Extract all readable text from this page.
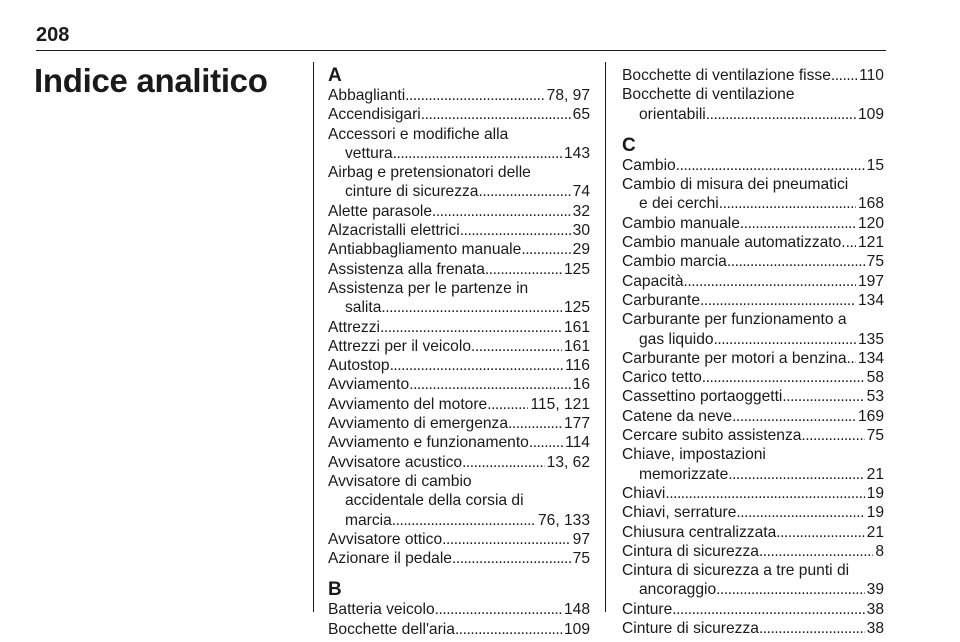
208
Indice analitico	A
Abbaglianti . . .	78, 97
Accendisigari . . .	65
Accessori e modifiche alla
vettura . . .	143
Airbag e pretensionatori delle
cinture di sicurezza . . .	74
Alette parasole . . .	32
Alzacristalli elettrici . . .	30
Antiabbagliamento manuale . . .	29
Assistenza alla frenata . . .	125
Assistenza per le partenze in
salita . . .	125
Attrezzi . . .	161
Attrezzi per il veicolo . . .	161
Autostop . . .	116
Avviamento . . .	16
Avviamento del motore . . .	115, 121
Avviamento di emergenza . . .	177
Avviamento e funzionamento . . . 114
Avvisatore acustico . . .	13, 62
Avvisatore di cambio
accidentale della corsia di
marcia . . .	76, 133
Avvisatore ottico . . .	97
Azionare il pedale . . .	75
B
Batteria veicolo . . .	148
Bocchette dell'aria . . .	109
Bocchette di ventilazione fisse . . . 110
Bocchette di ventilazione
orientabili . . .	109
C
Cambio . . .	15
Cambio di misura dei pneumatici
e dei cerchi . . .	168
Cambio manuale . . .	120
Cambio manuale automatizzato. . . . 121
Cambio marcia . . .	75
Capacità . . .	197
Carburante . . .	134
Carburante per funzionamento a
gas liquido . . .	135
Carburante per motori a benzina . . . 134
Carico tetto . . .	58
Cassettino portaoggetti . . .	53
Catene da neve . . .	169
Cercare subito assistenza . . .	75
Chiave, impostazioni
memorizzate . . .	21
Chiavi . . .	19
Chiavi, serrature . . .	19
Chiusura centralizzata . . .	21
Cintura di sicurezza . . .	8
Cintura di sicurezza a tre punti di
ancoraggio . . .	39
Cinture . . .	38
Cinture di sicurezza . . .	38
